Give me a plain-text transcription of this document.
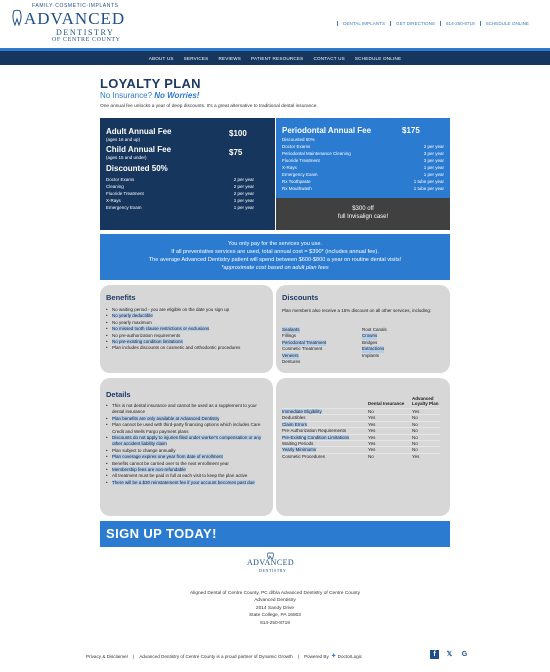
FAMILY·COSMETIC·IMPLANTS
ADVANCED
DENTISTRY
OF CENTRE COUNTY
DENTAL IMPLANTS	GET DIRECTIONS	814-250-8719	SCHEDULE ONLINE
ABOUT US	SERVICES	REVIEWS	PATIENT RESOURCES	CONTACT US	SCHEDULE ONLINE
LOYALTY PLAN
No Insurance? No Worries!
One annual fee unlocks a year of deep discounts. It's a great alternative to traditional dental insurance.
Adult Annual Fee
(ages 16 and up)
$100
Child Annual Fee
(ages 15 and under)
$75
Discounted 50%
Doctor Exams	2 per year
Cleaning	2 per year
Fluoride Treatment	2 per year
X-Rays	1 per year
Emergency Exam	1 per year
Periodontal Annual Fee	$175
Discounted 50%
Doctor Exams	2 per year
Periodontal Maintenance Cleaning	3 per year
Fluoride Treatment	3 per year
X-Rays	1 per year
Emergency Exam	1 per year
Rx Toothpaste	1 tube per year
Rx Mouthwash	1 tube per year
$300 off
full Invisalign case!
You only pay for the services you use.
If all preventative services are used, total annual cost = $390* (includes annual fee).
The average Advanced Dentistry patient will spend between $600-$800 a year on routine dental visits!
*approximate cost based on adult plan fees
Benefits
• No waiting period - you are eligible on the date you sign up
• No yearly deductible
• No yearly maximum
• No missed tooth clause restrictions or exclusions
• No pre-authorization requirements
• No pre-existing condition limitations
• Plan includes discounts on cosmetic and orthodontic procedures
Discounts
Plan members also receive a 15% discount on all other services, including:
Sealants	Root Canals
Fillings	Crowns
Periodontal Treatment	Bridges
Cosmetic Treatment	Extractions
Veneers	Implants
Dentures
Details
• This is not dental insurance and cannot be used as a supplement to your dental insurance
• Plan benefits are only available at Advanced Dentistry
• Plan cannot be used with third-party financing options which includes Care Credit and Wells Fargo payment plans
• Discounts do not apply to injuries filed under worker's compensation or any other accident liability claim
• Plan subject to change annually
• Plan coverage expires one year from date of enrollment
• Benefits cannot be carried over to the next enrollment year
• Membership fees are non-refundable
• All treatment must be paid in full at each visit to keep the plan active
• There will be a $30 reinstatement fee if your account becomes past due
Dental Insurance
Advanced Loyalty Plan
Immediate Eligibility	No	Yes
Deductibles	Yes	No
Claim Errors	Yes	No
Pre-Authorization Requirements	Yes	No
Pre-Existing Condition Limitations	Yes	No
Waiting Periods	Yes	No
Yearly Minimums	Yes	No
Cosmetic Procedures	No	Yes
SIGN UP TODAY!
ADVANCED
DENTISTRY
Aligned Dental of Centre County, PC d/b/a Advanced Dentistry of Centre County
Advanced Dentistry
2014 Sandy Drive
State College, PA 16803
814-250-8719
Privacy & Disclaimer	|	Advanced Dentistry of Centre County is a proud partner of Dynamic Growth	|	Powered By ✚ DoctorLogic	f	𝕏 G
